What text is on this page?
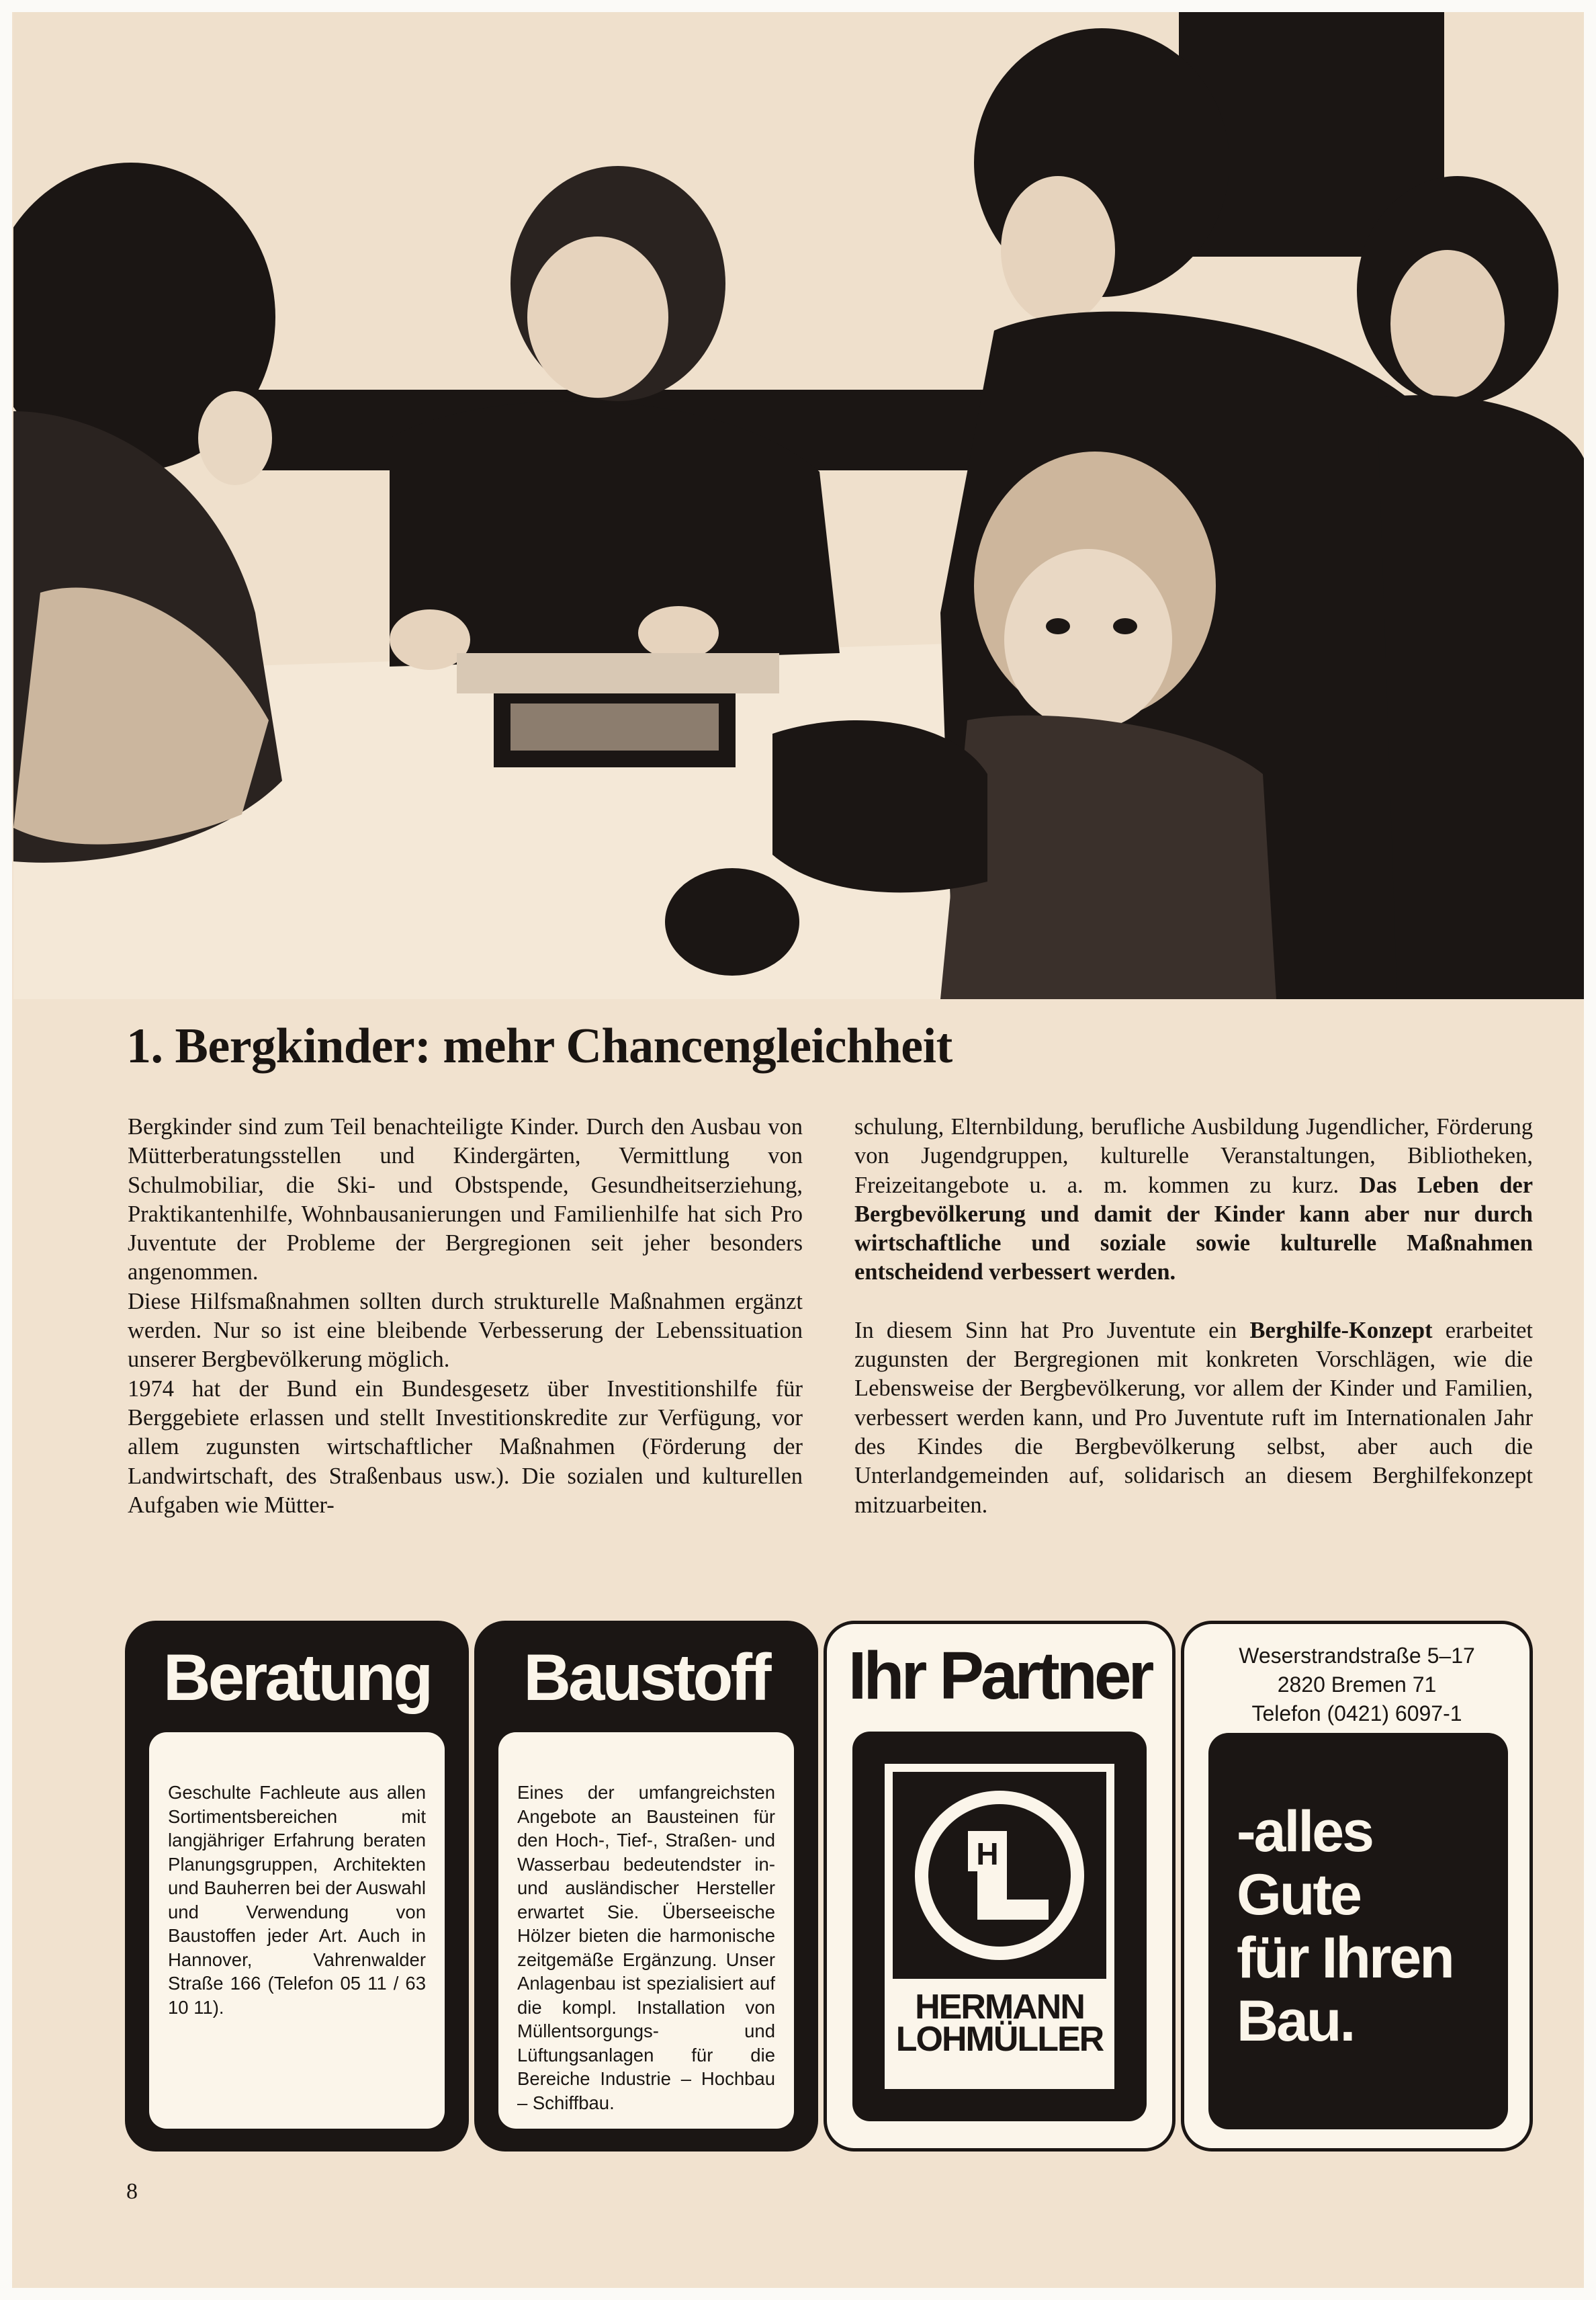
1. Bergkinder: mehr Chancengleichheit

Bergkinder sind zum Teil benachteiligte Kinder. Durch den Ausbau von Mütterberatungsstellen und Kindergärten, Vermittlung von Schulmobiliar, die Ski- und Obstspende, Gesundheitserziehung, Praktikantenhilfe, Wohnbausanierungen und Familienhilfe hat sich Pro Juventute der Probleme der Bergregionen seit jeher besonders angenommen.

Diese Hilfsmaßnahmen sollten durch strukturelle Maßnahmen ergänzt werden. Nur so ist eine bleibende Verbesserung der Lebenssituation unserer Bergbevölkerung möglich.

1974 hat der Bund ein Bundesgesetz über Investitionshilfe für Berggebiete erlassen und stellt Investitionskredite zur Verfügung, vor allem zugunsten wirtschaftlicher Maßnahmen (Förderung der Landwirtschaft, des Straßenbaus usw.). Die sozialen und kulturellen Aufgaben wie Mütter-

schulung, Elternbildung, berufliche Ausbildung Jugendlicher, Förderung von Jugendgruppen, kulturelle Veranstaltungen, Bibliotheken, Freizeitangebote u. a. m. kommen zu kurz. Das Leben der Bergbevölkerung und damit der Kinder kann aber nur durch wirtschaftliche und soziale sowie kulturelle Maßnahmen entscheidend verbessert werden.

In diesem Sinn hat Pro Juventute ein Berghilfe-Konzept erarbeitet zugunsten der Bergregionen mit konkreten Vorschlägen, wie die Lebensweise der Bergbevölkerung, vor allem der Kinder und Familien, verbessert werden kann, und Pro Juventute ruft im Internationalen Jahr des Kindes die Bergbevölkerung selbst, aber auch die Unterlandgemeinden auf, solidarisch an diesem Berghilfekonzept mitzuarbeiten.

Beratung
Geschulte Fachleute aus allen Sortimentsbereichen mit langjähriger Erfahrung beraten Planungsgruppen, Architekten und Bauherren bei der Auswahl und Verwendung von Baustoffen jeder Art. Auch in Hannover, Vahrenwalder Straße 166 (Telefon 05 11 / 63 10 11).
Baustoff
Eines der umfangreichsten Angebote an Bausteinen für den Hoch-, Tief-, Straßen- und Wasserbau bedeutendster in- und ausländischer Hersteller erwartet Sie. Überseeische Hölzer bieten die harmonische zeitgemäße Ergänzung. Unser Anlagenbau ist spezialisiert auf die kompl. Installation von Müllentsorgungs- und Lüftungsanlagen für die Bereiche Industrie – Hochbau – Schiffbau.
Ihr Partner
H
HERMANN
LOHMÜLLER
Weserstrandstraße 5–17
2820 Bremen 71
Telefon (0421) 6097-1
-alles
Gute
für Ihren
Bau.
8
